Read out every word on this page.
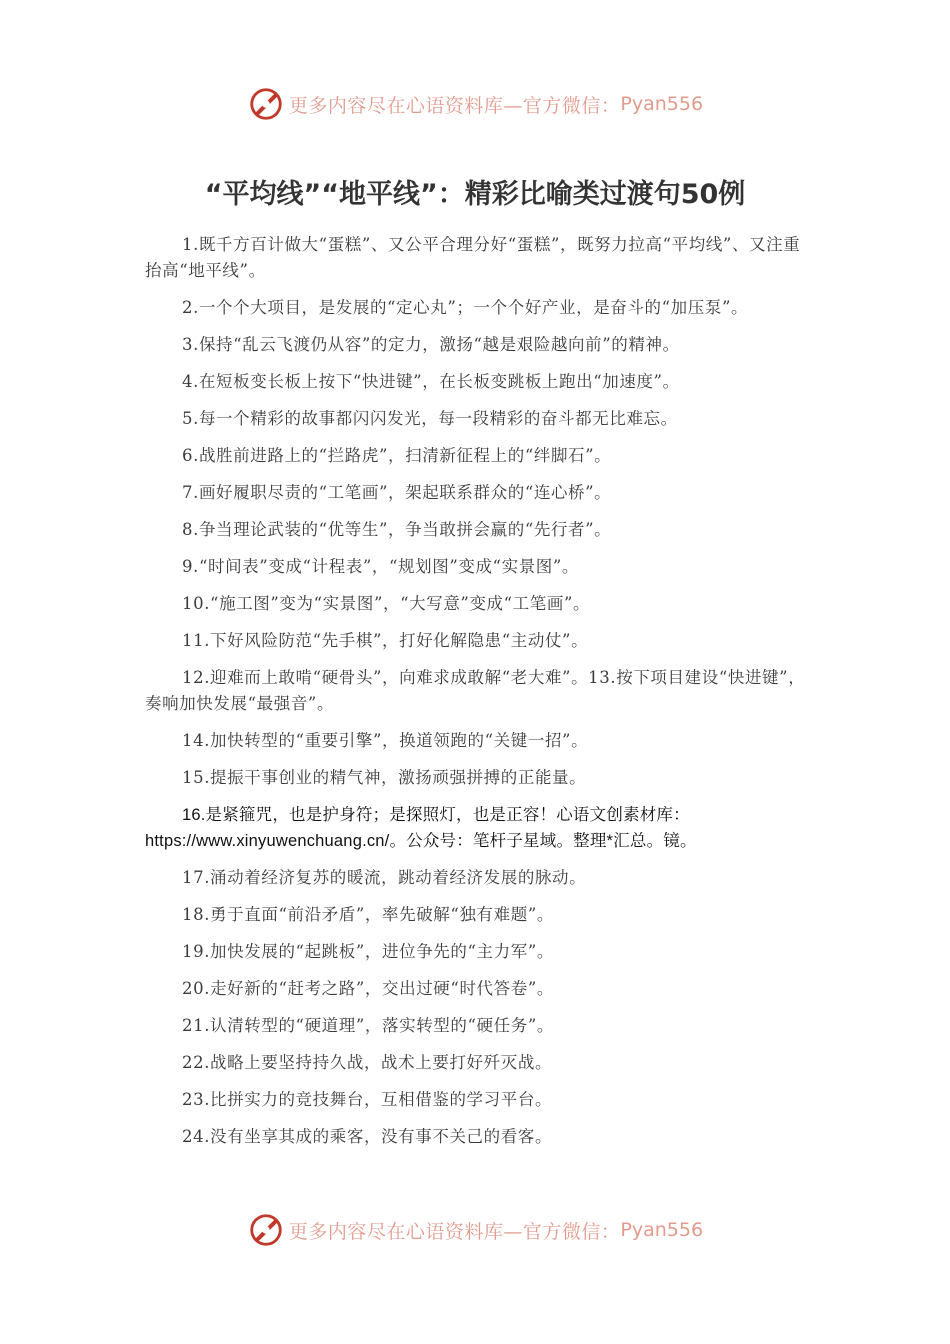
更多内容尽在心语资料库—官方微信： Pyan556
“平均线”“地平线”：精彩比喻类过渡句50例

1.既千方百计做大“蛋糕”、又公平合理分好“蛋糕”，既努力拉高“平均线”、又注重抬高“地平线”。

2.一个个大项目，是发展的“定心丸”；一个个好产业，是奋斗的“加压泵”。

3.保持“乱云飞渡仍从容”的定力，激扬“越是艰险越向前”的精神。

4.在短板变长板上按下“快进键”，在长板变跳板上跑出“加速度”。

5.每一个精彩的故事都闪闪发光，每一段精彩的奋斗都无比难忘。

6.战胜前进路上的“拦路虎”，扫清新征程上的“绊脚石”。

7.画好履职尽责的“工笔画”，架起联系群众的“连心桥”。

8.争当理论武装的“优等生”，争当敢拼会赢的“先行者”。

9.“时间表”变成“计程表”，“规划图”变成“实景图”。

10.“施工图”变为“实景图”，“大写意”变成“工笔画”。

11.下好风险防范“先手棋”，打好化解隐患“主动仗”。

12.迎难而上敢啃“硬骨头”，向难求成敢解“老大难”。13.按下项目建设“快进键”，奏响加快发展“最强音”。

14.加快转型的“重要引擎”，换道领跑的“关键一招”。

15.提振干事创业的精气神，激扬顽强拼搏的正能量。

16.是紧箍咒，也是护身符；是探照灯，也是正容！心语文创素材库：https://www.xinyuwenchuang.cn/。公众号：笔杆子星域。整理*汇总。镜。

17.涌动着经济复苏的暖流，跳动着经济发展的脉动。

18.勇于直面“前沿矛盾”，率先破解“独有难题”。

19.加快发展的“起跳板”，进位争先的“主力军”。

20.走好新的“赶考之路”，交出过硬“时代答卷”。

21.认清转型的“硬道理”，落实转型的“硬任务”。

22.战略上要坚持持久战，战术上要打好歼灭战。

23.比拼实力的竞技舞台，互相借鉴的学习平台。

24.没有坐享其成的乘客，没有事不关己的看客。

更多内容尽在心语资料库—官方微信： Pyan556
